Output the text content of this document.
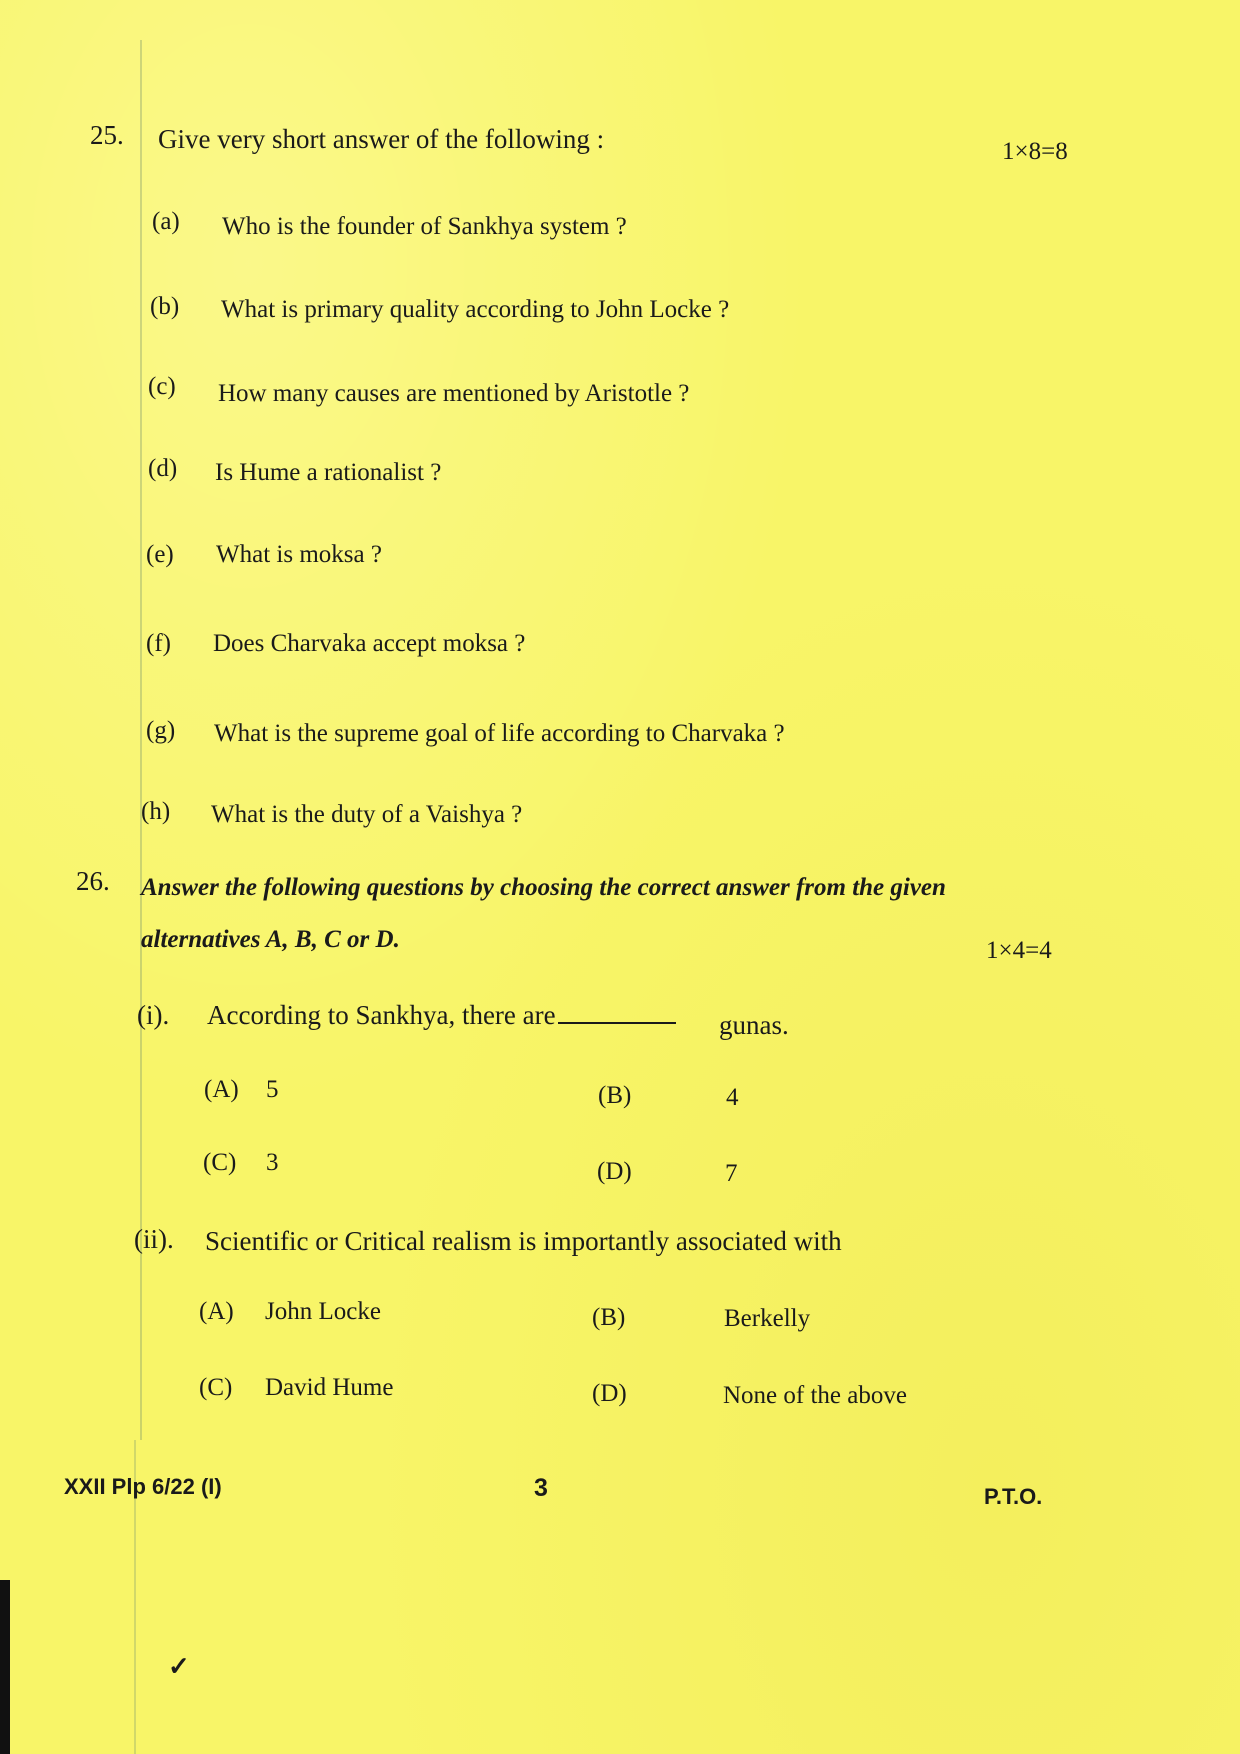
25. Give very short answer of the following :	1×8=8
(a) Who is the founder of Sankhya system ?
(b) What is primary quality according to John Locke ?
(c) How many causes are mentioned by Aristotle ?
(d) Is Hume a rationalist ?
(e) What is moksa ?
(f) Does Charvaka accept moksa ?
(g) What is the supreme goal of life according to Charvaka ?
(h) What is the duty of a Vaishya ?
26. Answer the following questions by choosing the correct answer from the given
alternatives A, B, C or D.	1×4=4
(i). According to Sankhya, there are	gunas.
(A) 5	(B)	4
(C) 3	(D)	7
(ii). Scientific or Critical realism is importantly associated with
(A) John Locke	(B)	Berkelly
(C) David Hume	(D)	None of the above
XXII Plp 6/22 (I)	3	P.T.O.
✓
